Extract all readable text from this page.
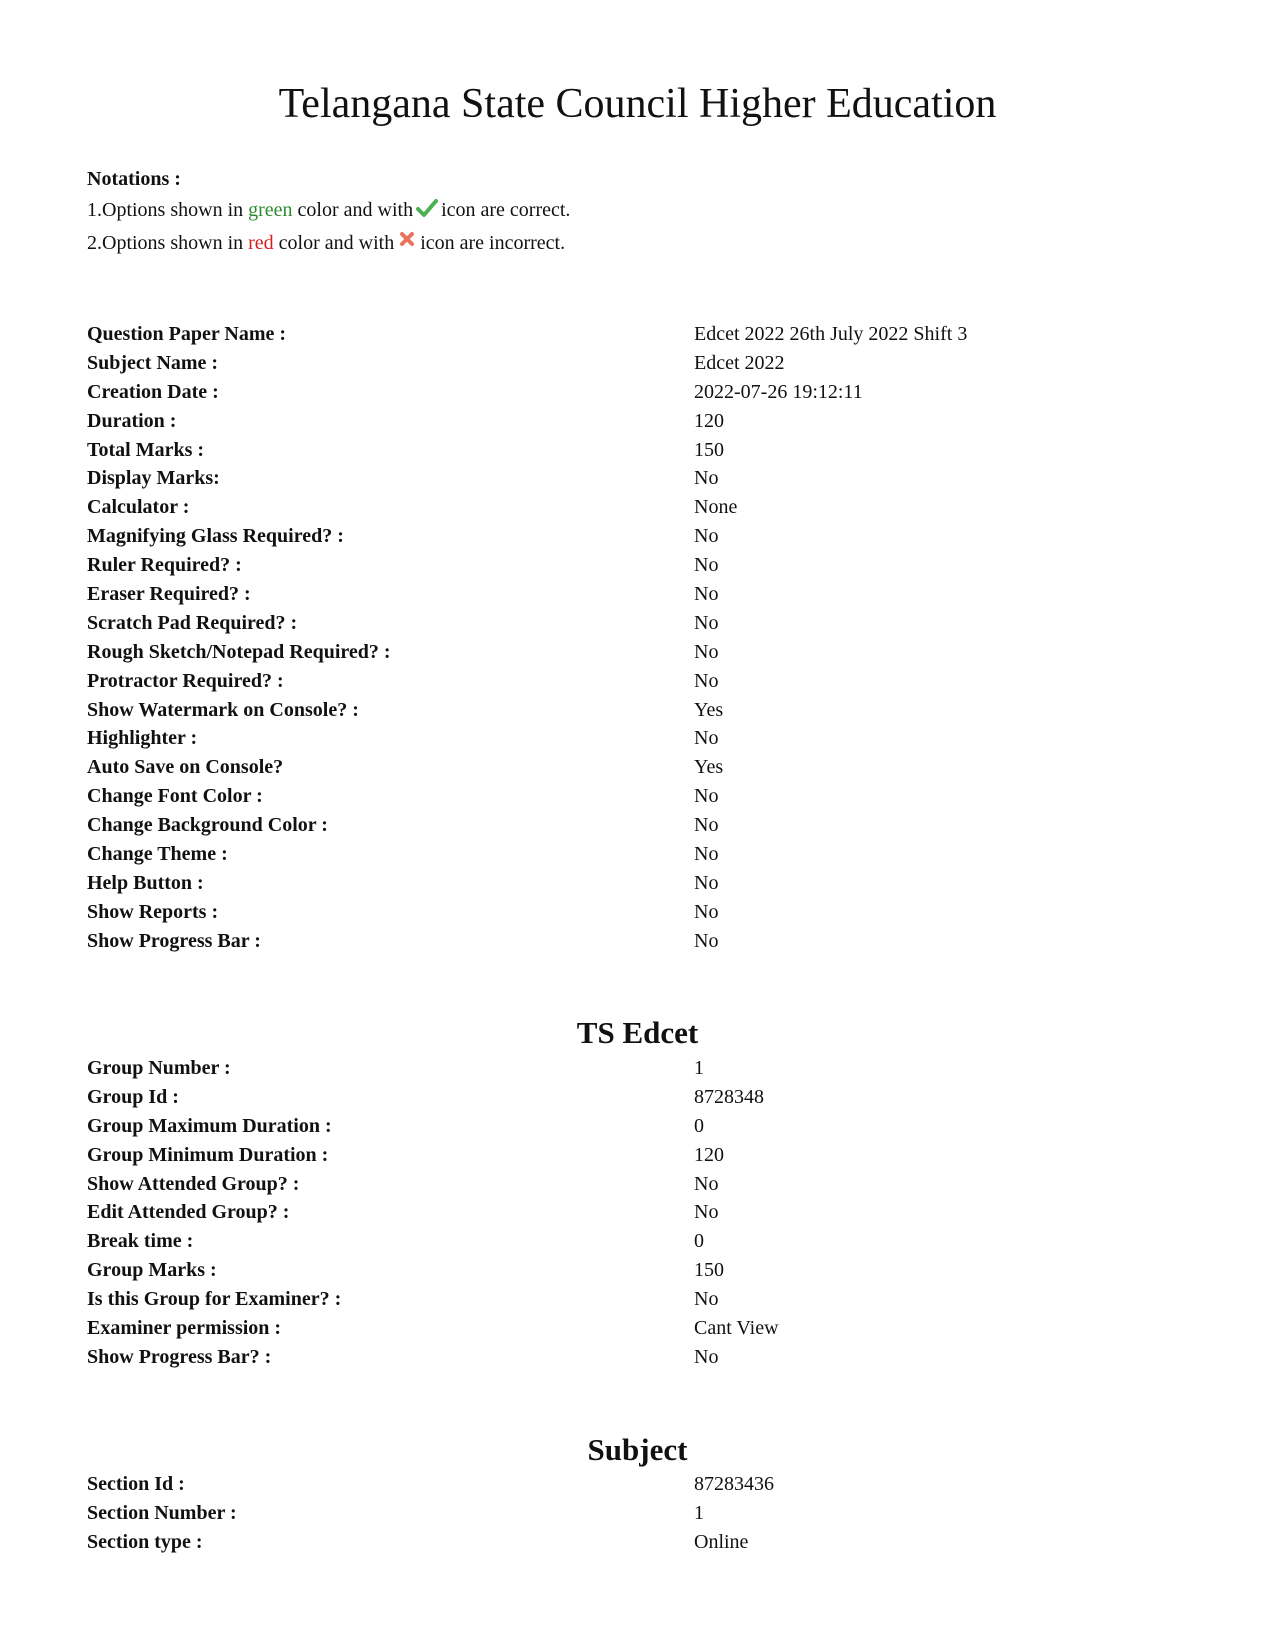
Telangana State Council Higher Education
Notations :
1.Options shown in green color and with icon are correct.
2.Options shown in red color and with icon are incorrect.
Question Paper Name :	Edcet 2022 26th July 2022 Shift 3
Subject Name :	Edcet 2022
Creation Date :	2022-07-26 19:12:11
Duration :	120
Total Marks :	150
Display Marks:	No
Calculator :	None
Magnifying Glass Required? :	No
Ruler Required? :	No
Eraser Required? :	No
Scratch Pad Required? :	No
Rough Sketch/Notepad Required? :	No
Protractor Required? :	No
Show Watermark on Console? :	Yes
Highlighter :	No
Auto Save on Console?	Yes
Change Font Color :	No
Change Background Color :	No
Change Theme :	No
Help Button :	No
Show Reports :	No
Show Progress Bar :	No
TS Edcet
Group Number :	1
Group Id :	8728348
Group Maximum Duration :	0
Group Minimum Duration :	120
Show Attended Group? :	No
Edit Attended Group? :	No
Break time :	0
Group Marks :	150
Is this Group for Examiner? :	No
Examiner permission :	Cant View
Show Progress Bar? :	No
Subject
Section Id :	87283436
Section Number :	1
Section type :	Online
